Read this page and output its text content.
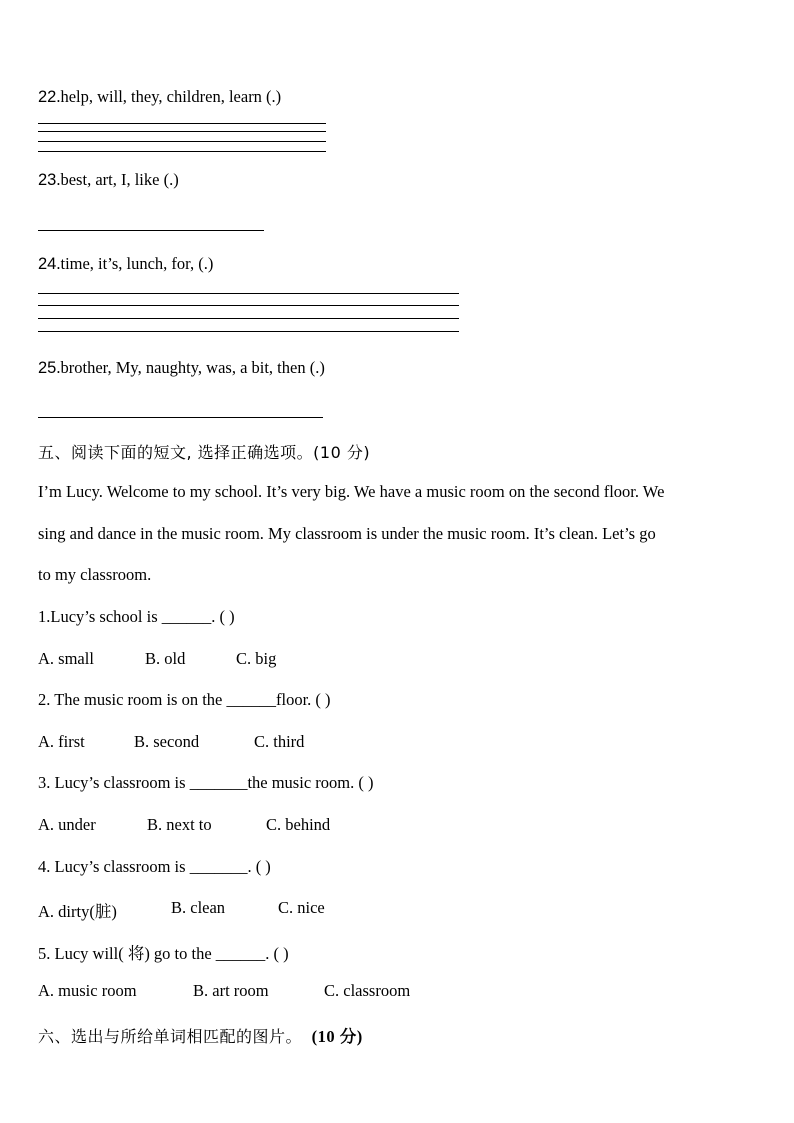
22.help, will, they, children, learn (.)
23.best, art, I, like (.)
24.time, it’s, lunch, for, (.)
25.brother, My, naughty, was, a bit, then (.)
五、阅读下面的短文, 选择正确选项。(10 分)
I’m Lucy. Welcome to my school. It’s very big. We have a music room on the second floor. We
sing and dance in the music room. My classroom is under the music room. It’s clean. Let’s go
to my classroom.
1.Lucy’s school is ______. ( )
A. small	B. old	C. big
2. The music room is on the ______floor. ( )
A. first	B. second	C. third
3. Lucy’s classroom is _______the music room. ( )
A. under	B. next to	C. behind
4. Lucy’s classroom is _______. ( )
A. dirty(脏)	B. clean	C. nice
5. Lucy will( 将) go to the ______. ( )
A. music room	B. art room	C. classroom
六、选出与所给单词相匹配的图片。 (10 分)
